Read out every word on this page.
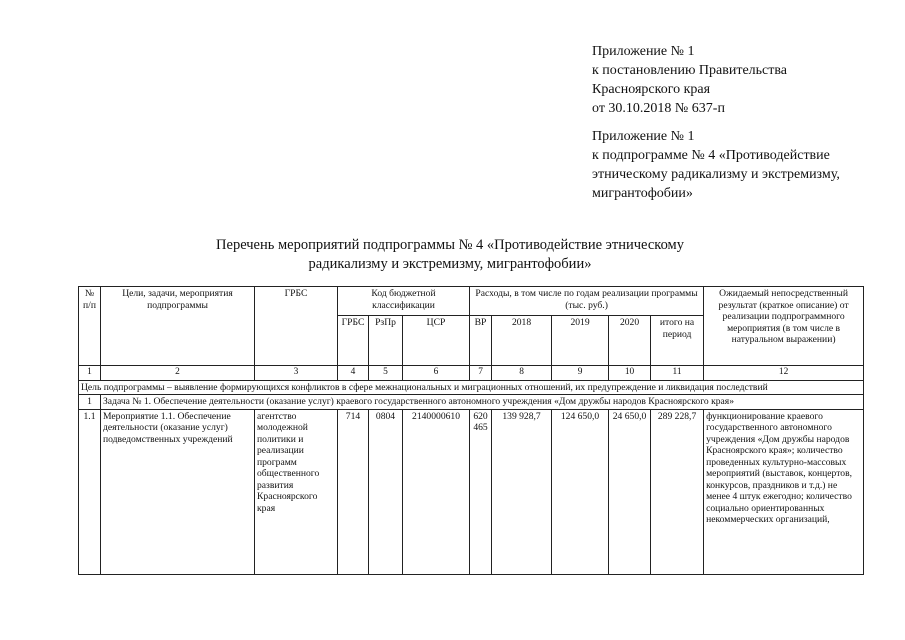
Приложение № 1
к постановлению Правительства
Красноярского края
от 30.10.2018 № 637-п
Приложение № 1
к подпрограмме № 4 «Противодействие
этническому радикализму и экстремизму,
мигрантофобии»
Перечень мероприятий подпрограммы № 4 «Противодействие этническому
радикализму и экстремизму, мигрантофобии»
№ п/п	Цели, задачи, мероприятия подпрограммы	ГРБС	Код бюджетной классификации			Расходы, в том числе по годам реализации программы (тыс. руб.)					Ожидаемый непосредственный результат (краткое описание) от реализации подпрограммного мероприятия (в том числе в натуральном выражении)
			ГРБС	РзПр	ЦСР	ВР	2018	2019	2020	итого на период	
1	2	3	4	5	6	7	8	9	10	11	12
Цель подпрограммы – выявление формирующихся конфликтов в сфере межнациональных и миграционных отношений, их предупреждение и ликвидация последствий											
1	Задача № 1. Обеспечение деятельности (оказание услуг) краевого государственного автономного учреждения «Дом дружбы народов Красноярского края»										
1.1	Мероприятие 1.1. Обеспечение деятельности (оказание услуг) подведомственных учреждений	агентство молодежной политики и реализации программ общественного развития Красноярского края	714	0804	2140000610	620 465	139 928,7	124 650,0	24 650,0	289 228,7	функционирование краевого государственного автономного учреждения «Дом дружбы народов Красноярского края»; количество проведенных культурно-массовых мероприятий (выставок, концертов, конкурсов, праздников и т.д.) не менее 4 штук ежегодно; количество социально ориентированных некоммерческих организаций,
